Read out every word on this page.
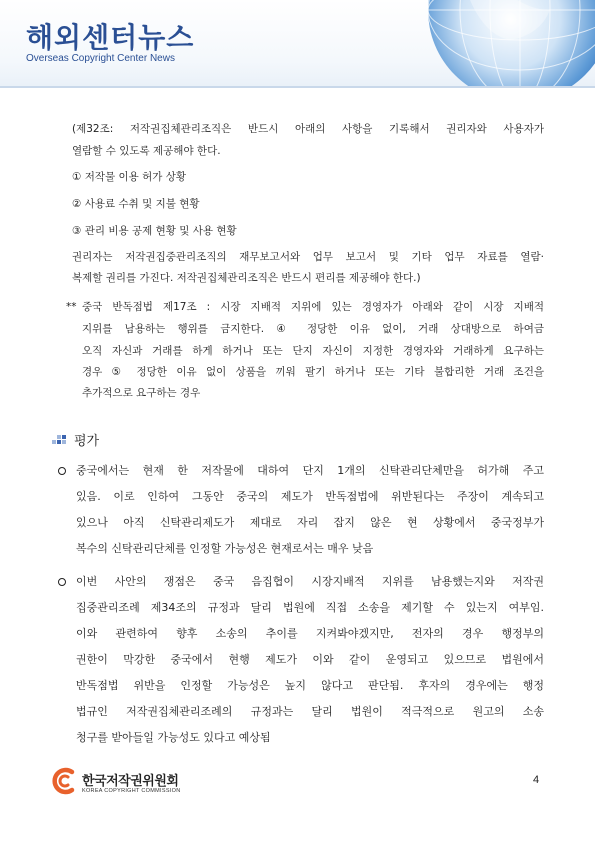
해외센터뉴스
Overseas Copyright Center News
(제32조: 저작권집체관리조직은 반드시 아래의 사항을 기록해서 권리자와 사용자가
열람할 수 있도록 제공해야 한다.
① 저작물 이용 허가 상황
② 사용료 수취 및 지불 현황
③ 관리 비용 공제 현황 및 사용 현황
권리자는 저작권집중관리조직의 재무보고서와 업무 보고서 및 기타 업무 자료를 열람·
복제할 권리를 가진다. 저작권집체관리조직은 반드시 편리를 제공해야 한다.)
** 중국 반독점법 제17조 : 시장 지배적 지위에 있는 경영자가 아래와 같이 시장 지배적
지위를 남용하는 행위를 금지한다. ④ 정당한 이유 없이, 거래 상대방으로 하여금
오직 자신과 거래를 하게 하거나 또는 단지 자신이 지정한 경영자와 거래하게 요구하는
경우 ⑤ 정당한 이유 없이 상품을 끼워 팔기 하거나 또는 기타 불합리한 거래 조건을
추가적으로 요구하는 경우
평가
중국에서는 현재 한 저작물에 대하여 단지 1개의 신탁관리단체만을 허가해 주고
있음. 이로 인하여 그동안 중국의 제도가 반독점법에 위반된다는 주장이 계속되고
있으나 아직 신탁관리제도가 제대로 자리 잡지 않은 현 상황에서 중국정부가
복수의 신탁관리단체를 인정할 가능성은 현재로서는 매우 낮음
이번 사안의 쟁점은 중국 음집협이 시장지배적 지위를 남용했는지와 저작권
집중관리조례 제34조의 규정과 달리 법원에 직접 소송을 제기할 수 있는지 여부임.
이와 관련하여 향후 소송의 추이를 지켜봐야겠지만, 전자의 경우 행정부의
권한이 막강한 중국에서 현행 제도가 이와 같이 운영되고 있으므로 법원에서
반독점법 위반을 인정할 가능성은 높지 않다고 판단됨. 후자의 경우에는 행정
법규인 저작권집체관리조례의 규정과는 달리 법원이 적극적으로 원고의 소송
청구를 받아들일 가능성도 있다고 예상됨
한국저작권위원회
KOREA COPYRIGHT COMMISSION
4
